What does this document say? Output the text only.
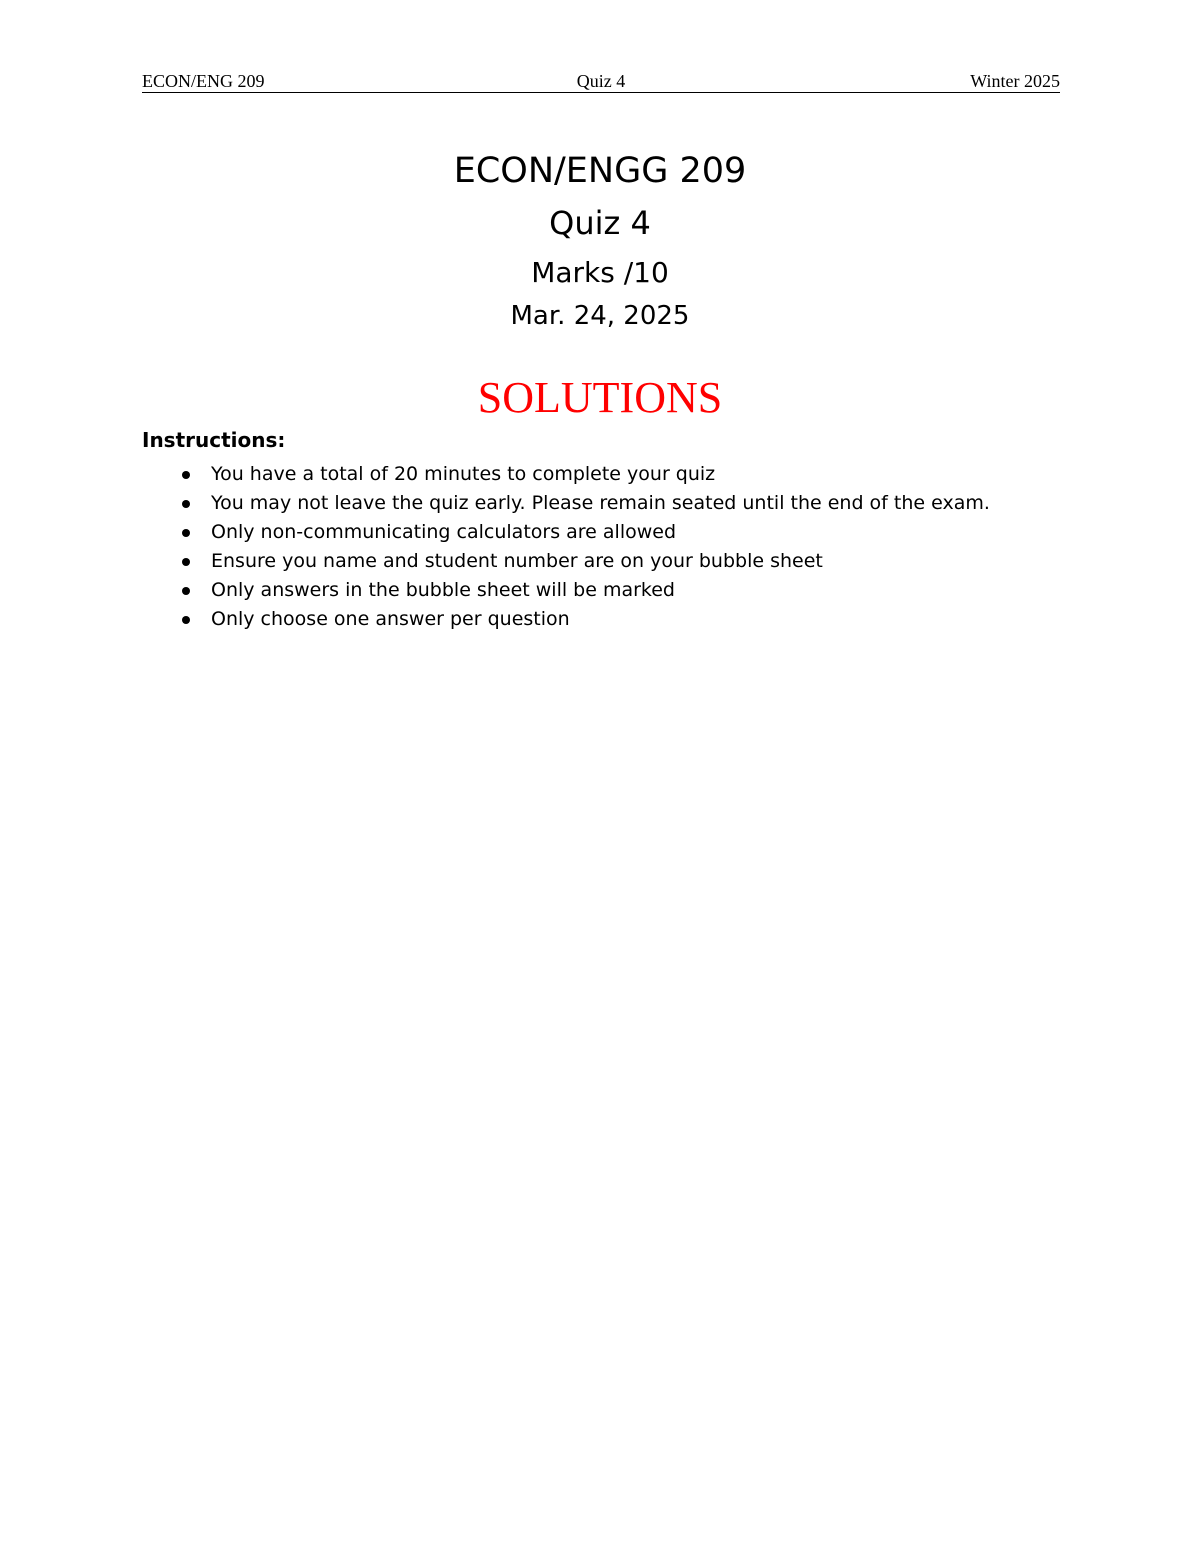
ECON/ENG 209	Quiz 4	Winter 2025
ECON/ENGG 209
Quiz 4
Marks /10
Mar. 24, 2025
SOLUTIONS
Instructions:
You have a total of 20 minutes to complete your quiz
You may not leave the quiz early. Please remain seated until the end of the exam.
Only non-communicating calculators are allowed
Ensure you name and student number are on your bubble sheet
Only answers in the bubble sheet will be marked
Only choose one answer per question
